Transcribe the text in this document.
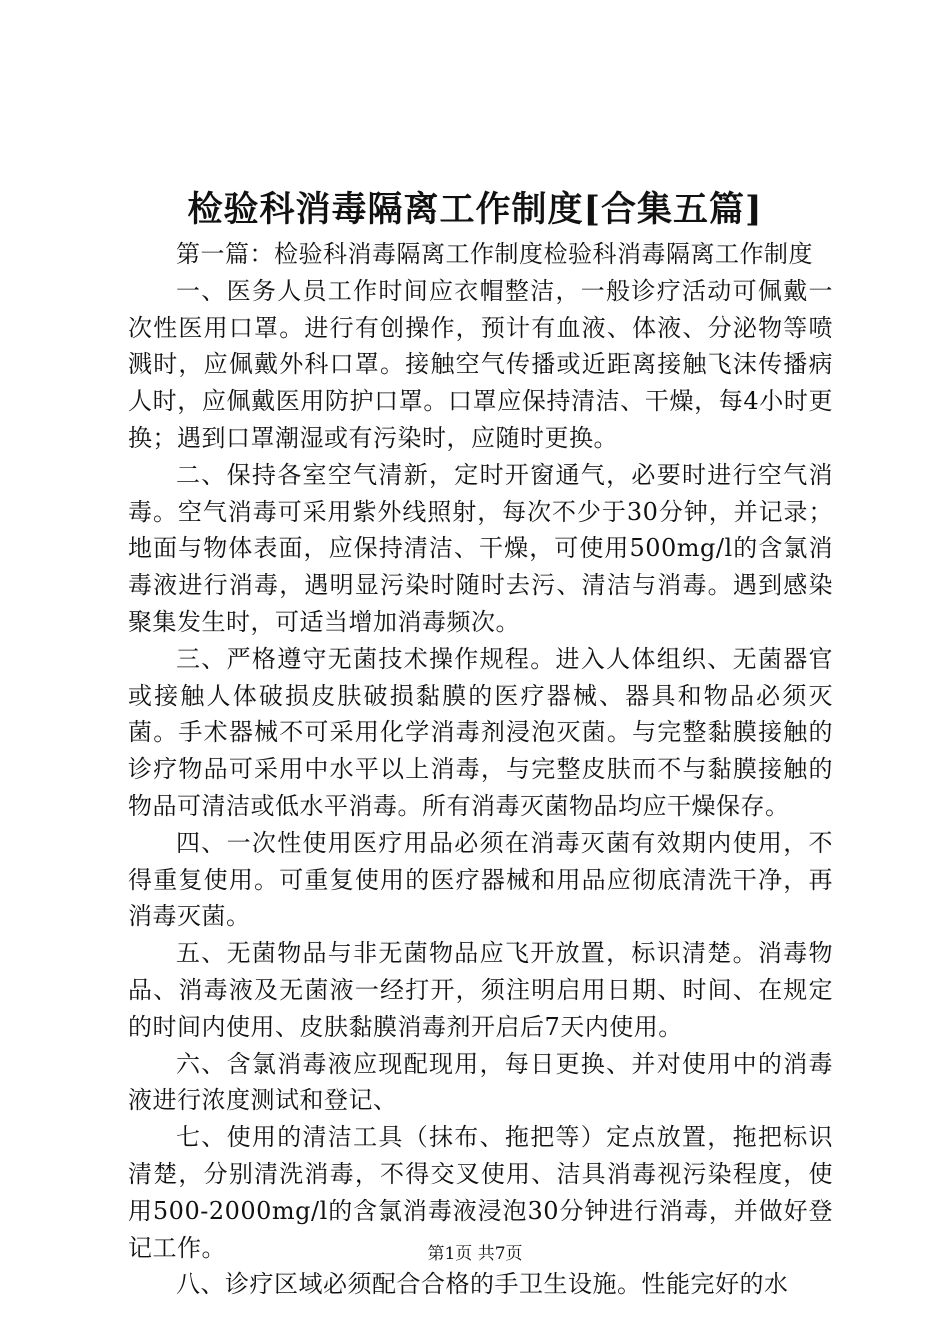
检验科消毒隔离工作制度[合集五篇]

第一篇：检验科消毒隔离工作制度检验科消毒隔离工作制度

一、医务人员工作时间应衣帽整洁，一般诊疗活动可佩戴一次性医用口罩。进行有创操作，预计有血液、体液、分泌物等喷溅时，应佩戴外科口罩。接触空气传播或近距离接触飞沫传播病人时，应佩戴医用防护口罩。口罩应保持清洁、干燥，每4小时更换；遇到口罩潮湿或有污染时，应随时更换。

二、保持各室空气清新，定时开窗通气，必要时进行空气消毒。空气消毒可采用紫外线照射，每次不少于30分钟，并记录；地面与物体表面，应保持清洁、干燥，可使用500mg/l的含氯消毒液进行消毒，遇明显污染时随时去污、清洁与消毒。遇到感染聚集发生时，可适当增加消毒频次。

三、严格遵守无菌技术操作规程。进入人体组织、无菌器官或接触人体破损皮肤破损黏膜的医疗器械、器具和物品必须灭菌。手术器械不可采用化学消毒剂浸泡灭菌。与完整黏膜接触的诊疗物品可采用中水平以上消毒，与完整皮肤而不与黏膜接触的物品可清洁或低水平消毒。所有消毒灭菌物品均应干燥保存。

四、一次性使用医疗用品必须在消毒灭菌有效期内使用，不得重复使用。可重复使用的医疗器械和用品应彻底清洗干净，再消毒灭菌。

五、无菌物品与非无菌物品应飞开放置，标识清楚。消毒物品、消毒液及无菌液一经打开，须注明启用日期、时间、在规定的时间内使用、皮肤黏膜消毒剂开启后7天内使用。

六、含氯消毒液应现配现用，每日更换、并对使用中的消毒液进行浓度测试和登记、

七、使用的清洁工具（抹布、拖把等）定点放置，拖把标识清楚，分别清洗消毒，不得交叉使用、洁具消毒视污染程度，使用500-2000mg/l的含氯消毒液浸泡30分钟进行消毒，并做好登记工作。

八、诊疗区域必须配合合格的手卫生设施。性能完好的水

第1页 共7页
